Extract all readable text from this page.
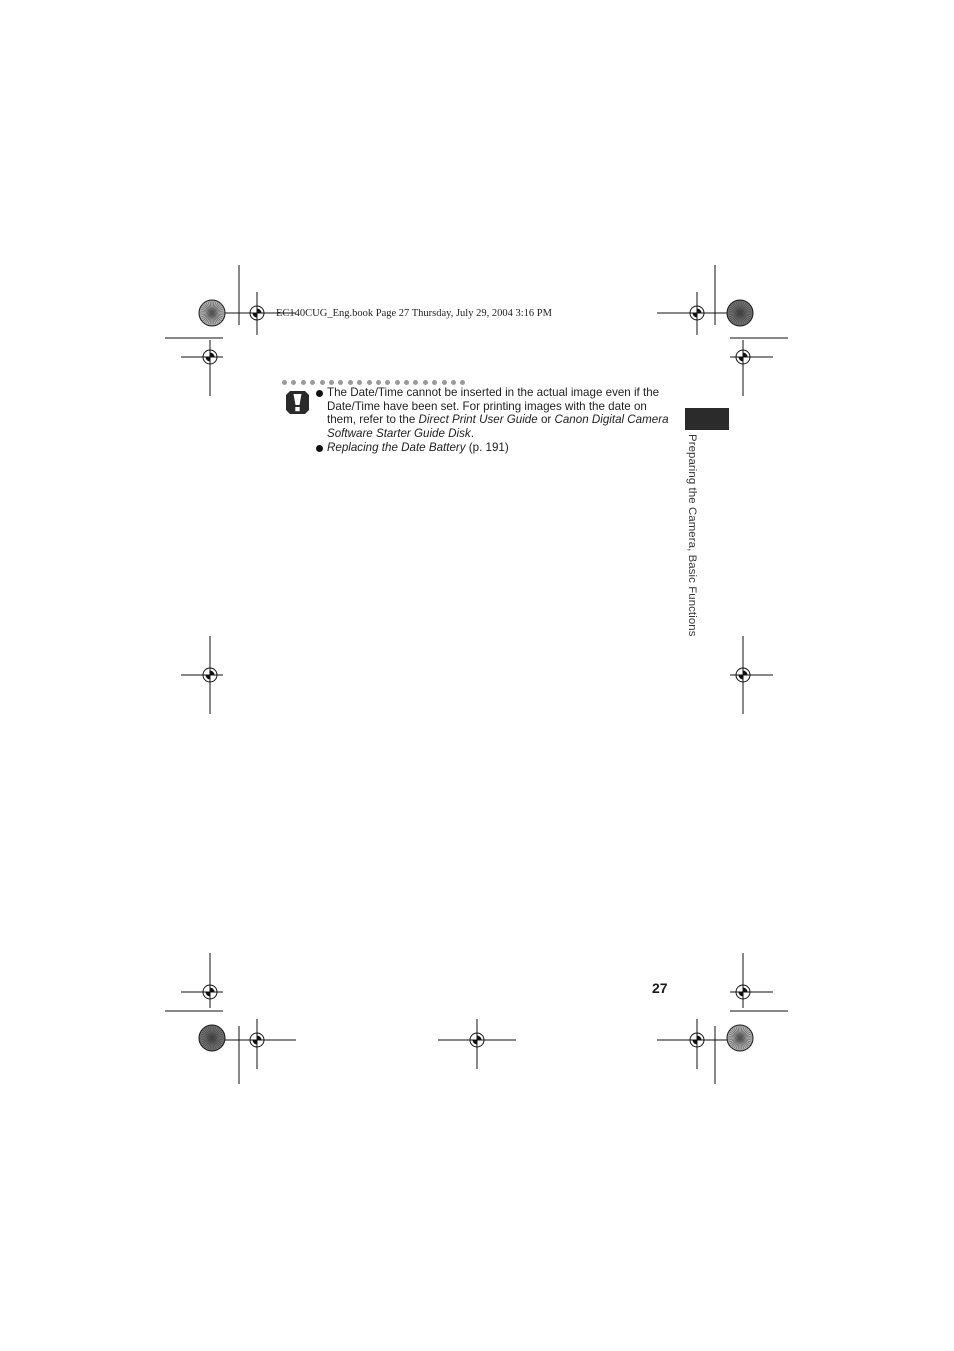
EC140CUG_Eng.book Page 27 Thursday, July 29, 2004 3:16 PM
The Date/Time cannot be inserted in the actual image even if the Date/Time have been set. For printing images with the date on them, refer to the Direct Print User Guide or Canon Digital Camera Software Starter Guide Disk.
Replacing the Date Battery (p. 191)	Preparing the Camera, Basic Functions
27
